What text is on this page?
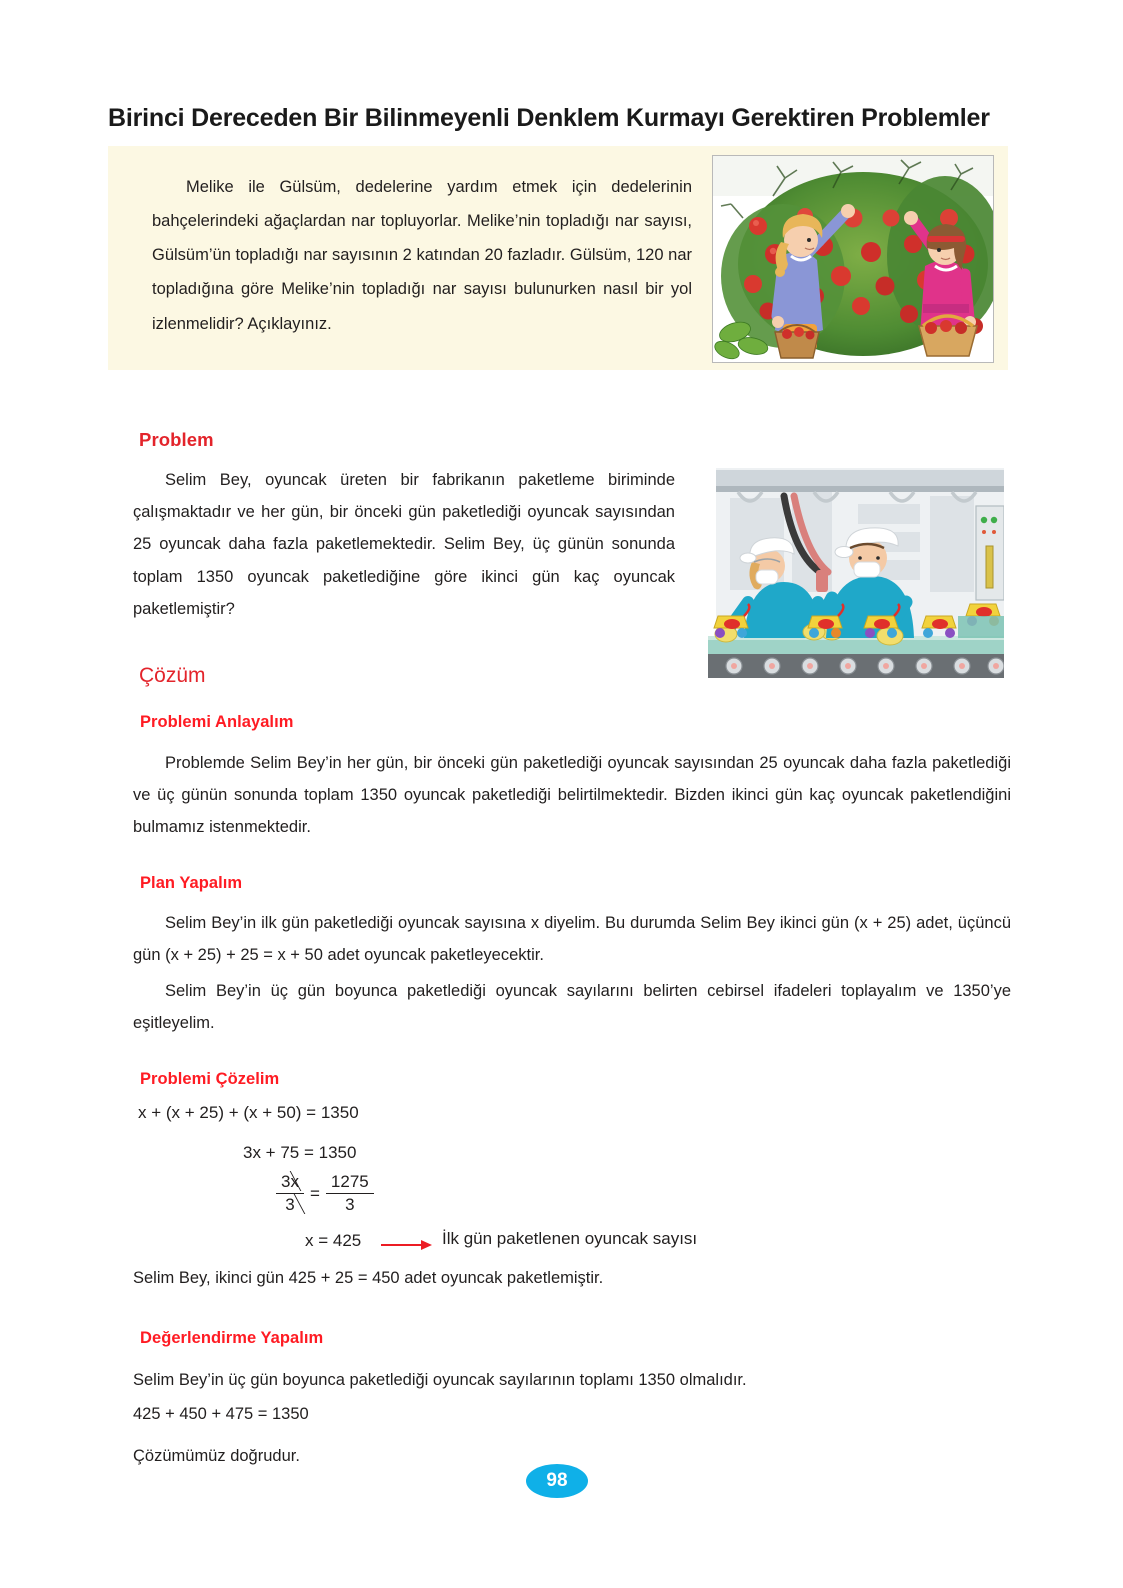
Birinci Dereceden Bir Bilinmeyenli Denklem Kurmayı Gerektiren Problemler
Melike ile Gülsüm, dedelerine yardım etmek için dedelerinin bahçelerindeki ağaçlardan nar topluyorlar. Melike’nin topladığı nar sayısı, Gülsüm’ün topladığı nar sayısının 2 katından 20 fazladır. Gülsüm, 120 nar topladığına göre Melike’nin topladığı nar sayısı bulunurken nasıl bir yol izlenmelidir? Açıklayınız.
Problem
Selim Bey, oyuncak üreten bir fabrikanın paketleme biriminde çalışmaktadır ve her gün, bir önceki gün paketlediği oyuncak sayısından 25 oyuncak daha fazla paketlemektedir. Selim Bey, üç günün sonunda toplam 1350 oyuncak paketlediğine göre ikinci gün kaç oyuncak paketlemiştir?
Çözüm
Problemi Anlayalım
Problemde Selim Bey’in her gün, bir önceki gün paketlediği oyuncak sayısından 25 oyuncak daha fazla paketlediği ve üç günün sonunda toplam 1350 oyuncak paketlediği belirtilmektedir. Bizden ikinci gün kaç oyuncak paketlendiğini bulmamız istenmektedir.
Plan Yapalım
Selim Bey’in ilk gün paketlediği oyuncak sayısına x diyelim. Bu durumda Selim Bey ikinci gün (x + 25) adet, üçüncü gün (x + 25) + 25 = x + 50 adet oyuncak paketleyecektir.
Selim Bey’in üç gün boyunca paketlediği oyuncak sayılarını belirten cebirsel ifadeleri toplayalım ve 1350’ye eşitleyelim.
Problemi Çözelim
x + (x + 25) + (x + 50) = 1350
3x + 75 = 1350
$\frac{3x}{3} = \frac{1275}{3}$
x = 425	İlk gün paketlenen oyuncak sayısı
Selim Bey, ikinci gün 425 + 25 = 450 adet oyuncak paketlemiştir.
Değerlendirme Yapalım
Selim Bey’in üç gün boyunca paketlediği oyuncak sayılarının toplamı 1350 olmalıdır.
425 + 450 + 475 = 1350
Çözümümüz doğrudur.
98
